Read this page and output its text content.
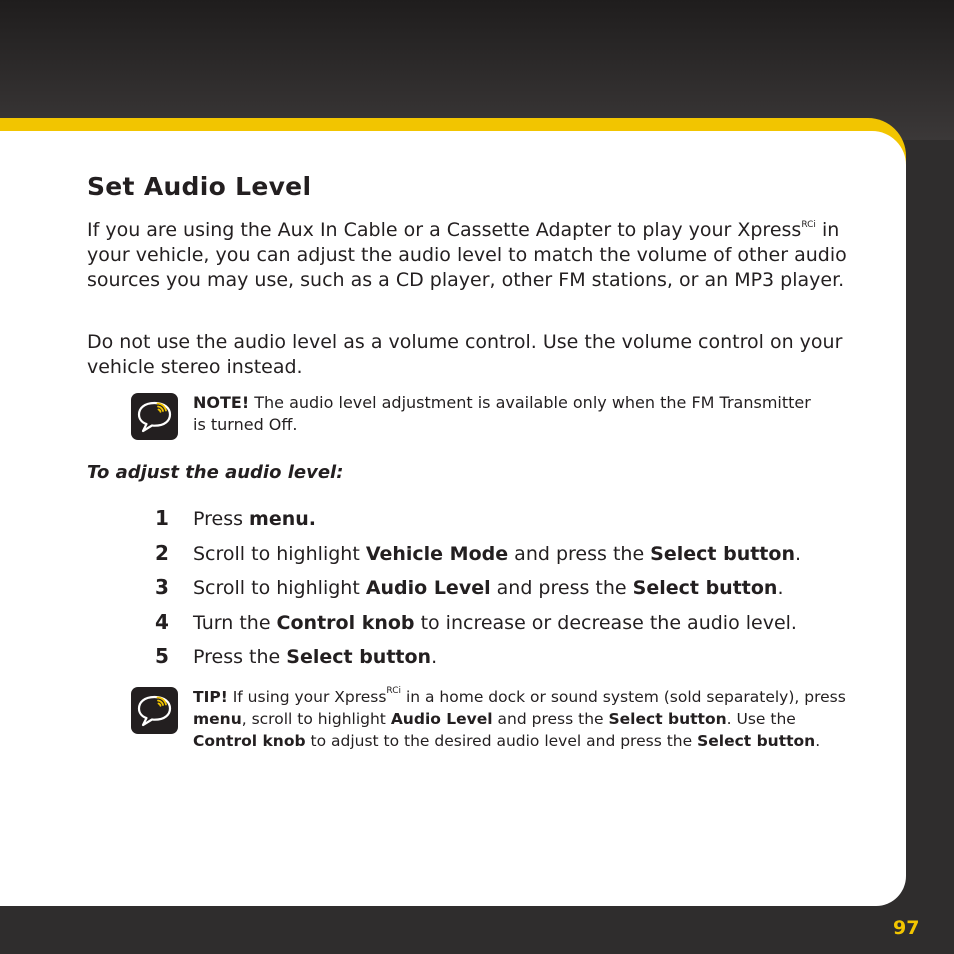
Set Audio Level

If you are using the Aux In Cable or a Cassette Adapter to play your Xpress$^{RCi}$ in your vehicle, you can adjust the audio level to match the volume of other audio sources you may use, such as a CD player, other FM stations, or an MP3 player.

Do not use the audio level as a volume control. Use the volume control on your vehicle stereo instead.

NOTE! The audio level adjustment is available only when the FM Transmitter is turned Off.

To adjust the audio level:

1 Press menu.
2 Scroll to highlight Vehicle Mode and press the Select button.
3 Scroll to highlight Audio Level and press the Select button.
4 Turn the Control knob to increase or decrease the audio level.
5 Press the Select button.

TIP! If using your Xpress$^{RCi}$ in a home dock or sound system (sold separately), press menu, scroll to highlight Audio Level and press the Select button. Use the Control knob to adjust to the desired audio level and press the Select button.

97
